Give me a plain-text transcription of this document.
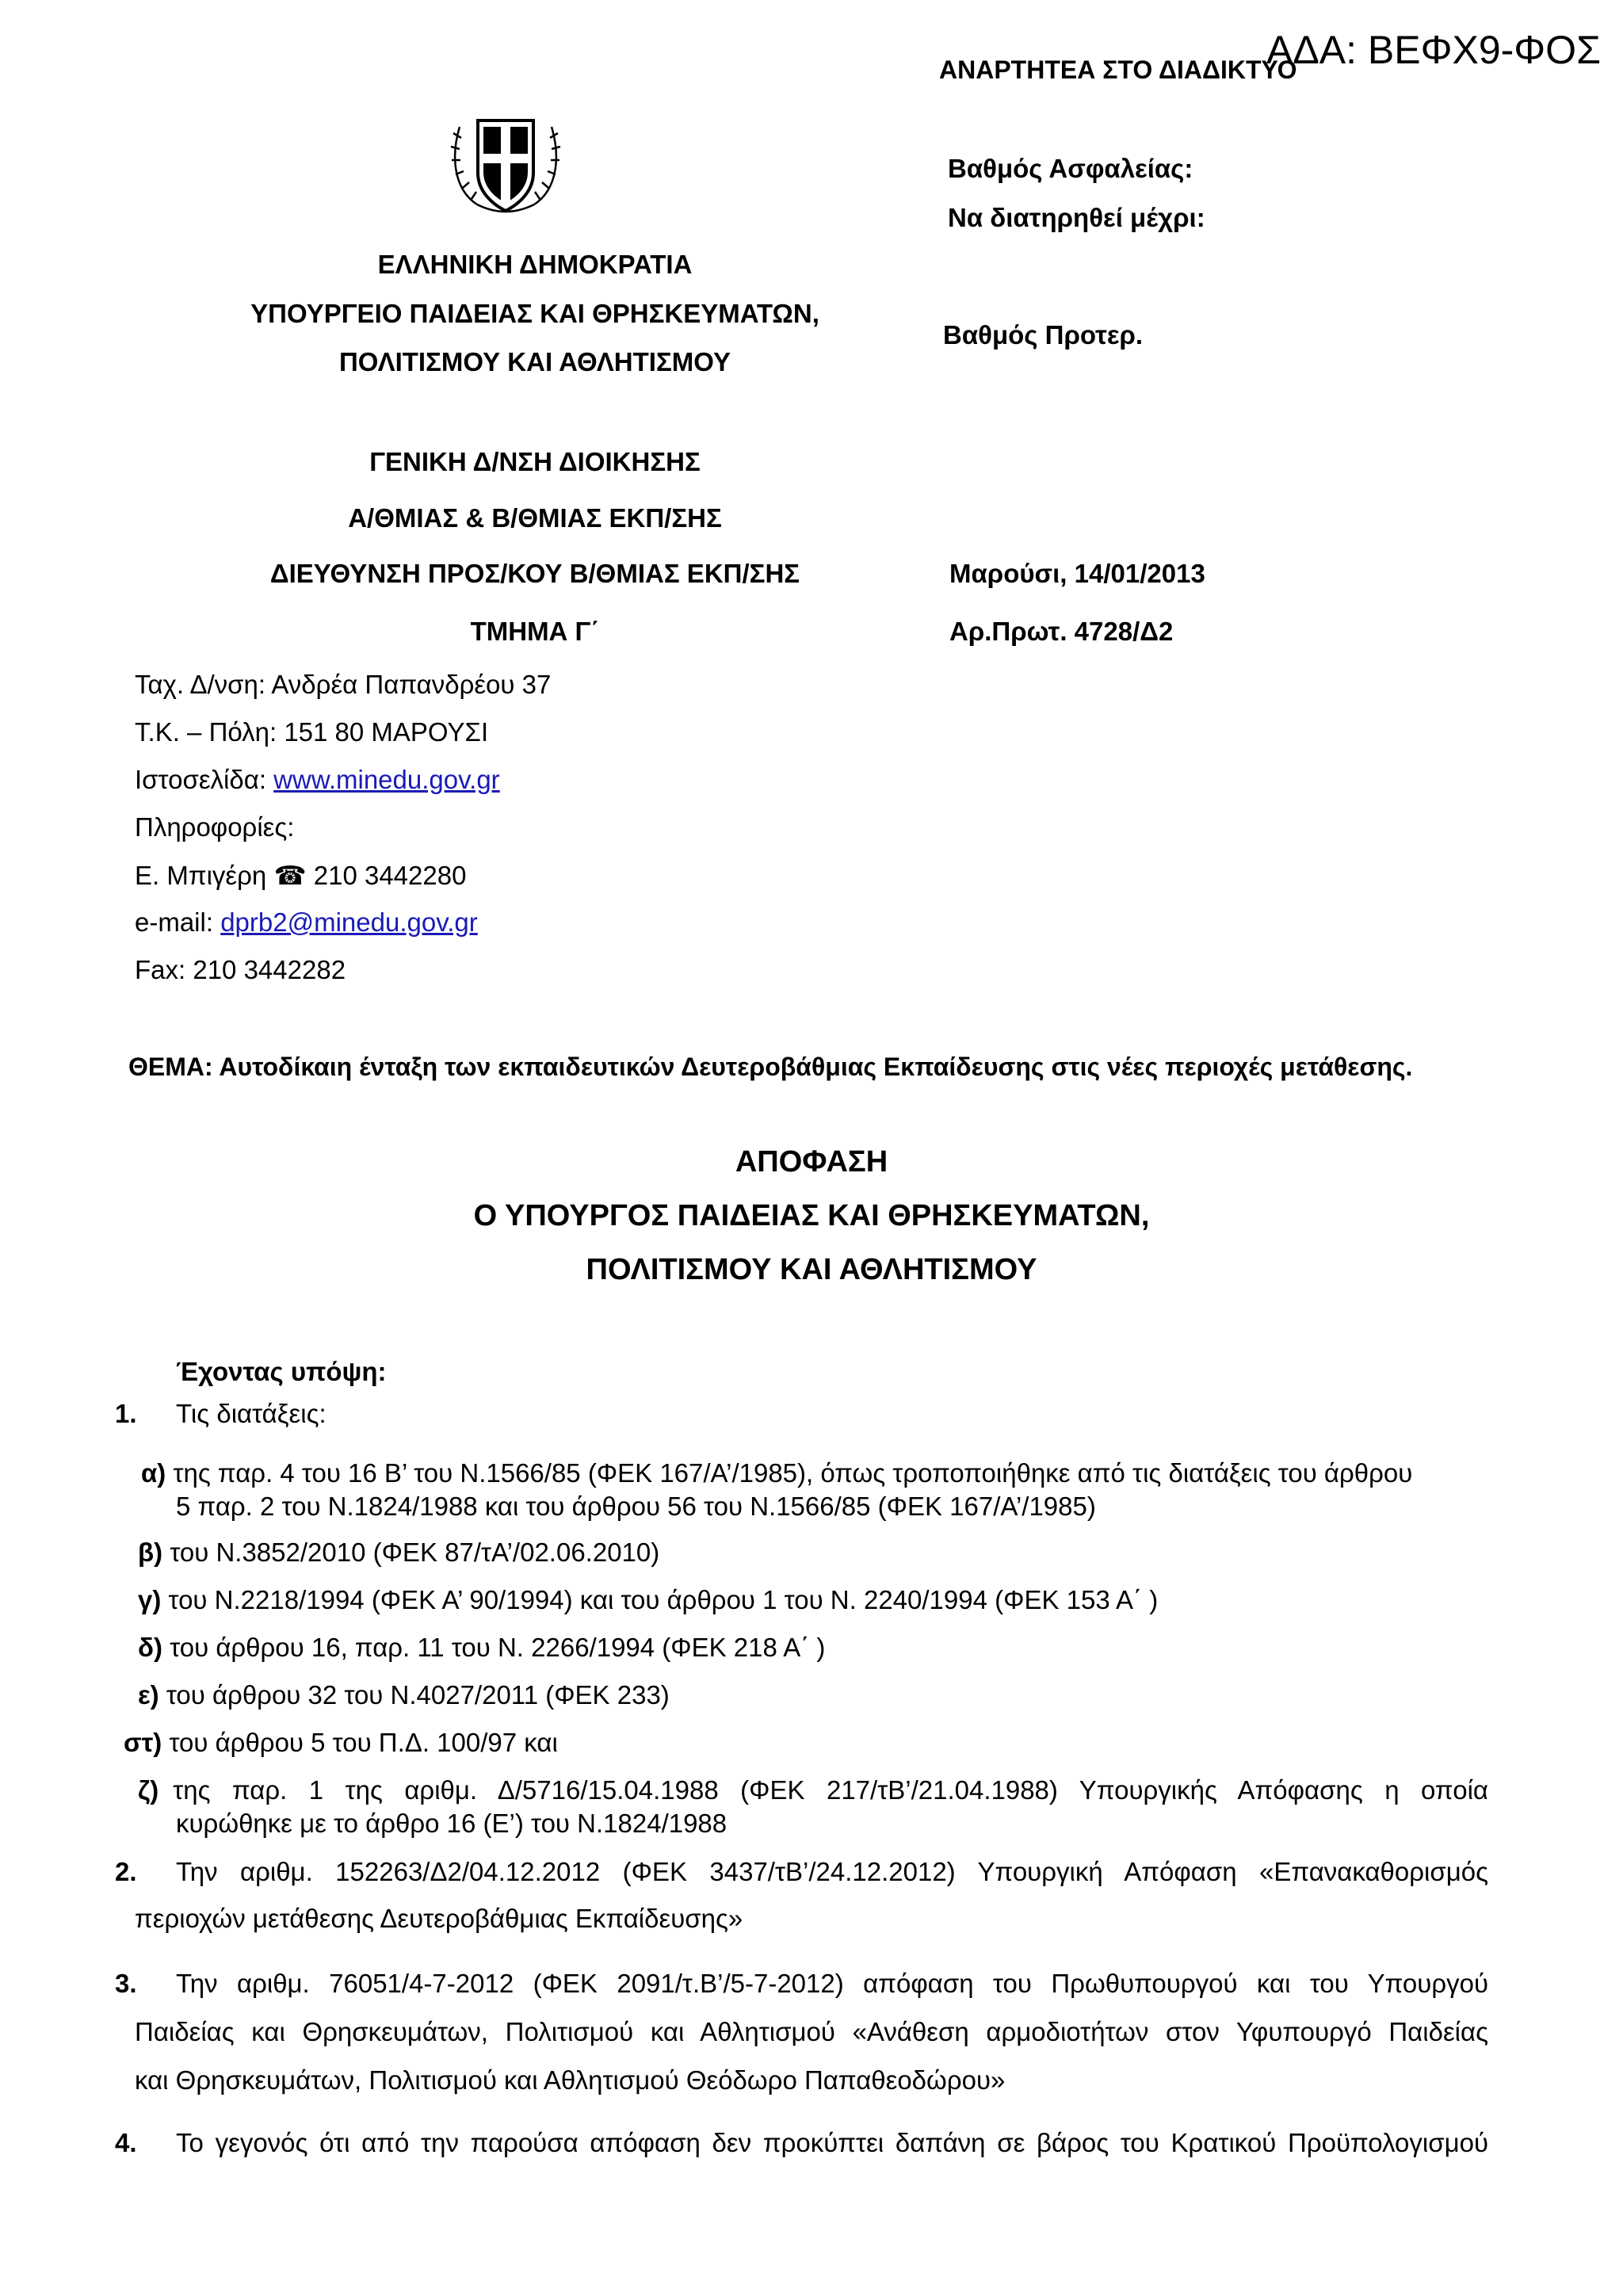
ΑΔΑ: ΒΕΦΧ9-ΦΟΣ
ΑΝΑΡΤΗΤΕΑ ΣΤΟ ΔΙΑΔΙΚΤΥΟ
Βαθμός Ασφαλείας:
Να διατηρηθεί μέχρι:
Βαθμός Προτερ.
Μαρούσι, 14/01/2013
Αρ.Πρωτ. 4728/Δ2
ΕΛΛΗΝΙΚΗ ΔΗΜΟΚΡΑΤΙΑ
ΥΠΟΥΡΓΕΙΟ ΠΑΙΔΕΙΑΣ ΚΑΙ ΘΡΗΣΚΕΥΜΑΤΩΝ,
ΠΟΛΙΤΙΣΜΟΥ ΚΑΙ ΑΘΛΗΤΙΣΜΟΥ
ΓΕΝΙΚΗ Δ/ΝΣΗ ΔΙΟΙΚΗΣΗΣ
Α/ΘΜΙΑΣ & Β/ΘΜΙΑΣ ΕΚΠ/ΣΗΣ
ΔΙΕΥΘΥΝΣΗ ΠΡΟΣ/ΚΟΥ Β/ΘΜΙΑΣ ΕΚΠ/ΣΗΣ
ΤΜΗΜΑ Γ΄
Ταχ. Δ/νση: Ανδρέα Παπανδρέου 37
Τ.Κ. – Πόλη: 151 80 ΜΑΡΟΥΣΙ
Ιστοσελίδα: www.minedu.gov.gr
Πληροφορίες:
Ε. Μπιγέρη ☎ 210 3442280
e-mail: dprb2@minedu.gov.gr
Fax: 210 3442282
ΘΕΜΑ: Αυτοδίκαιη ένταξη των εκπαιδευτικών Δευτεροβάθμιας Εκπαίδευσης στις νέες περιοχές μετάθεσης.
ΑΠΟΦΑΣΗ
Ο ΥΠΟΥΡΓΟΣ ΠΑΙΔΕΙΑΣ ΚΑΙ ΘΡΗΣΚΕΥΜΑΤΩΝ,
ΠΟΛΙΤΙΣΜΟΥ ΚΑΙ ΑΘΛΗΤΙΣΜΟΥ
Έχοντας υπόψη:
1. Τις διατάξεις:
α) της παρ. 4 του 16 Β’ του Ν.1566/85 (ΦΕΚ 167/Α’/1985), όπως τροποποιήθηκε από τις διατάξεις του άρθρου
5 παρ. 2 του Ν.1824/1988 και του άρθρου 56 του Ν.1566/85 (ΦΕΚ 167/Α’/1985)
β) του Ν.3852/2010 (ΦΕΚ 87/τΑ’/02.06.2010)
γ) του Ν.2218/1994 (ΦΕΚ Α’ 90/1994) και του άρθρου 1 του Ν. 2240/1994 (ΦΕΚ 153 Α΄ )
δ) του άρθρου 16, παρ. 11 του Ν. 2266/1994 (ΦΕΚ 218 Α΄ )
ε) του άρθρου 32 του Ν.4027/2011 (ΦΕΚ 233)
στ) του άρθρου 5 του Π.Δ. 100/97 και
ζ) της παρ. 1 της αριθμ. Δ/5716/15.04.1988 (ΦΕΚ 217/τΒ’/21.04.1988) Υπουργικής Απόφασης η οποία
κυρώθηκε με το άρθρο 16 (Ε’) του Ν.1824/1988
2. Την αριθμ. 152263/Δ2/04.12.2012 (ΦΕΚ 3437/τΒ’/24.12.2012) Υπουργική Απόφαση «Επανακαθορισμός
περιοχών μετάθεσης Δευτεροβάθμιας Εκπαίδευσης»
3. Την αριθμ. 76051/4-7-2012 (ΦΕΚ 2091/τ.Β’/5-7-2012) απόφαση του Πρωθυπουργού και του Υπουργού
Παιδείας και Θρησκευμάτων, Πολιτισμού και Αθλητισμού «Ανάθεση αρμοδιοτήτων στον Υφυπουργό Παιδείας
και Θρησκευμάτων, Πολιτισμού και Αθλητισμού Θεόδωρο Παπαθεοδώρου»
4. Το γεγονός ότι από την παρούσα απόφαση δεν προκύπτει δαπάνη σε βάρος του Κρατικού Προϋπολογισμού
